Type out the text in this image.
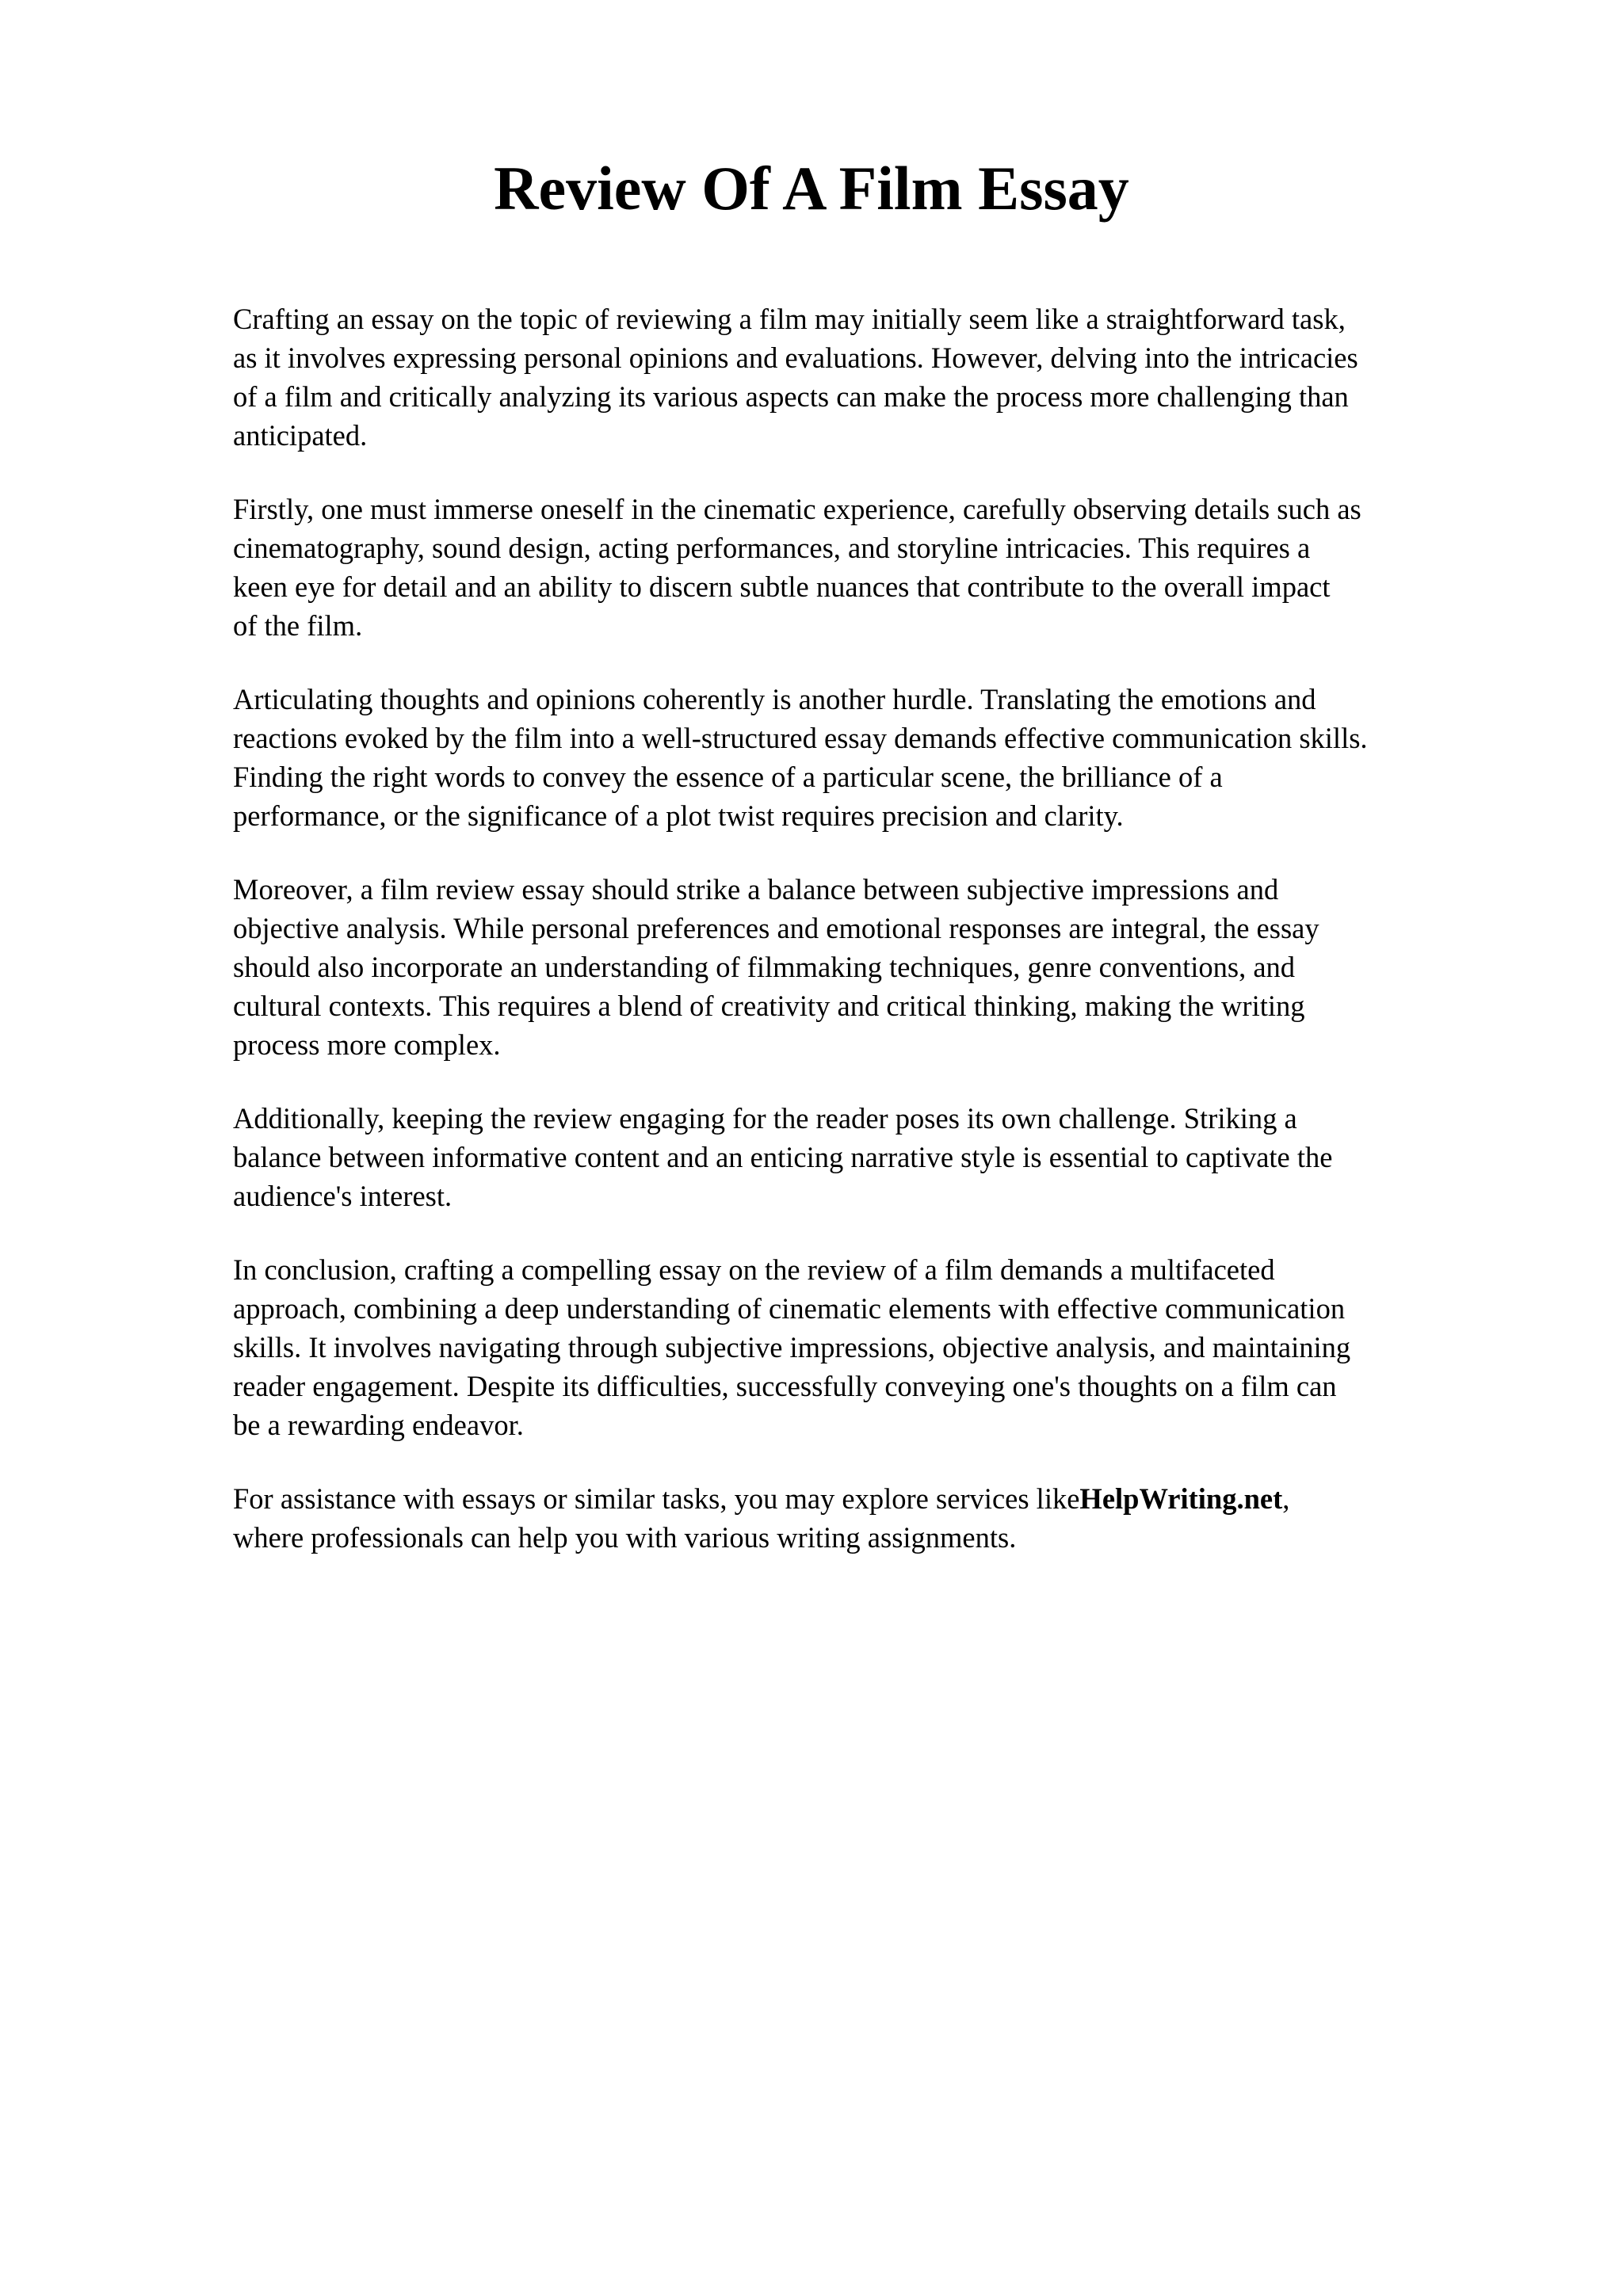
Review Of A Film Essay

Crafting an essay on the topic of reviewing a film may initially seem like a straightforward task,
as it involves expressing personal opinions and evaluations. However, delving into the intricacies
of a film and critically analyzing its various aspects can make the process more challenging than
anticipated.

Firstly, one must immerse oneself in the cinematic experience, carefully observing details such as
cinematography, sound design, acting performances, and storyline intricacies. This requires a
keen eye for detail and an ability to discern subtle nuances that contribute to the overall impact
of the film.

Articulating thoughts and opinions coherently is another hurdle. Translating the emotions and
reactions evoked by the film into a well-structured essay demands effective communication skills.
Finding the right words to convey the essence of a particular scene, the brilliance of a
performance, or the significance of a plot twist requires precision and clarity.

Moreover, a film review essay should strike a balance between subjective impressions and
objective analysis. While personal preferences and emotional responses are integral, the essay
should also incorporate an understanding of filmmaking techniques, genre conventions, and
cultural contexts. This requires a blend of creativity and critical thinking, making the writing
process more complex.

Additionally, keeping the review engaging for the reader poses its own challenge. Striking a
balance between informative content and an enticing narrative style is essential to captivate the
audience's interest.

In conclusion, crafting a compelling essay on the review of a film demands a multifaceted
approach, combining a deep understanding of cinematic elements with effective communication
skills. It involves navigating through subjective impressions, objective analysis, and maintaining
reader engagement. Despite its difficulties, successfully conveying one's thoughts on a film can
be a rewarding endeavor.

For assistance with essays or similar tasks, you may explore services likeHelpWriting.net,
where professionals can help you with various writing assignments.
